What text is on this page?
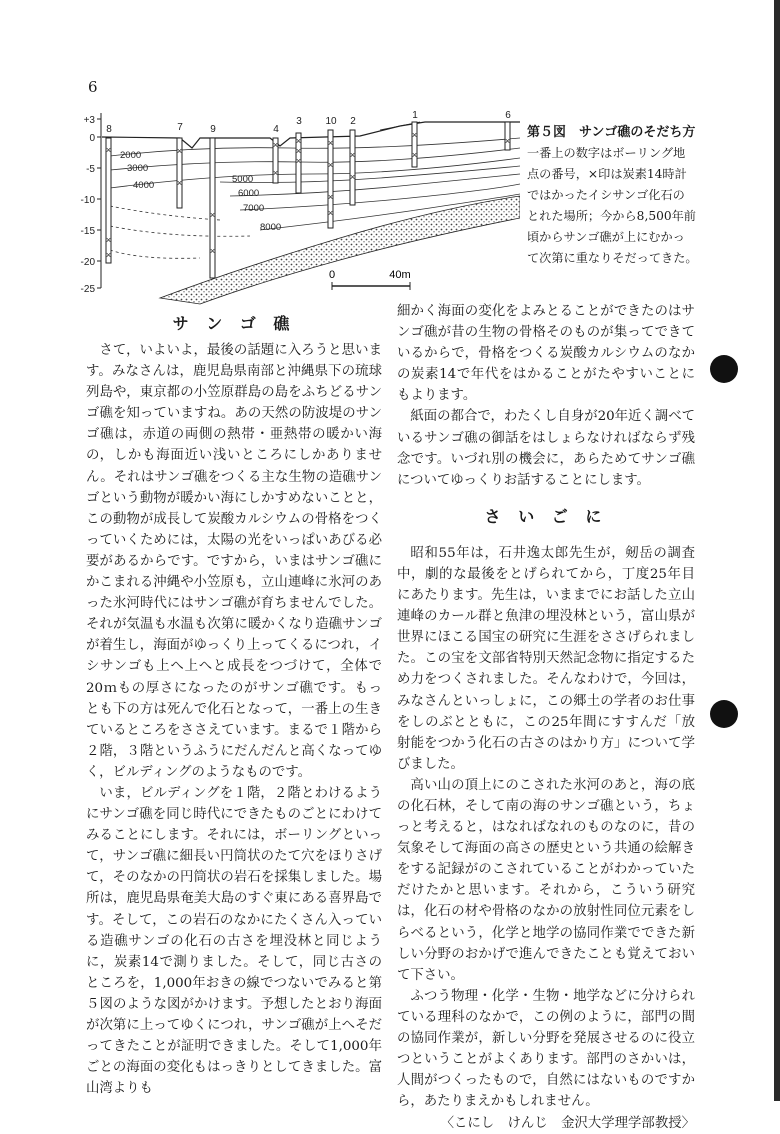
6
+3
0
-5
-10
-15
-20
-25
8	7	9	4
3 10 2
1	6
×
×
×
×
×
×
×
×
×
×
×
×
×
×
×
×
×
×
×
×
×
2000
3000
4000
5000
6000
7000
8000
0	40m
第５図　サンゴ礁のそだち方
一番上の数字はボーリング地
点の番号，×印は炭素14時計
ではかったイシサンゴ化石の
とれた場所；今から8,500年前
頃からサンゴ礁が上にむかっ
て次第に重なりそだってきた。
サ ン ゴ 礁

さて，いよいよ，最後の話題に入ろうと思います。みなさんは，鹿児島県南部と沖縄県下の琉球列島や，東京都の小笠原群島の島をふちどるサンゴ礁を知っていますね。あの天然の防波堤のサンゴ礁は，赤道の両側の熱帯・亜熱帯の暖かい海の，しかも海面近い浅いところにしかありません。それはサンゴ礁をつくる主な生物の造礁サンゴという動物が暖かい海にしかすめないことと，この動物が成長して炭酸カルシウムの骨格をつくっていくためには，太陽の光をいっぱいあびる必要があるからです。ですから，いまはサンゴ礁にかこまれる沖縄や小笠原も，立山連峰に氷河のあった氷河時代にはサンゴ礁が育ちませんでした。それが気温も水温も次第に暖かくなり造礁サンゴが着生し，海面がゆっくり上ってくるにつれ，イシサンゴも上へ上へと成長をつづけて，全体で20ｍもの厚さになったのがサンゴ礁です。もっとも下の方は死んで化石となって，一番上の生きているところをささえています。まるで１階から２階，３階というふうにだんだんと高くなってゆく，ビルディングのようなものです。

いま，ビルディングを１階，２階とわけるようにサンゴ礁を同じ時代にできたものごとにわけてみることにします。それには，ボーリングといって，サンゴ礁に細長い円筒状のたて穴をほりさげて，そのなかの円筒状の岩石を採集しました。場所は，鹿児島県奄美大島のすぐ東にある喜界島です。そして，この岩石のなかにたくさん入っている造礁サンゴの化石の古さを埋没林と同じように，炭素14で測りました。そして，同じ古さのところを，1,000年おきの線でつないでみると第５図のような図がかけます。予想したとおり海面が次第に上ってゆくにつれ，サンゴ礁が上へそだってきたことが証明できました。そして1,000年ごとの海面の変化もはっきりとしてきました。富山湾よりも

細かく海面の変化をよみとることができたのはサンゴ礁が昔の生物の骨格そのものが集ってできているからで，骨格をつくる炭酸カルシウムのなかの炭素14で年代をはかることがたやすいことにもよります。

紙面の都合で，わたくし自身が20年近く調べているサンゴ礁の御話をはしょらなければならず残念です。いづれ別の機会に，あらためてサンゴ礁についてゆっくりお話することにします。

さ い ご に

昭和55年は，石井逸太郎先生が，剱岳の調査中，劇的な最後をとげられてから，丁度25年目にあたります。先生は，いままでにお話した立山連峰のカール群と魚津の埋没林という，富山県が世界にほこる国宝の研究に生涯をささげられました。この宝を文部省特別天然記念物に指定するため力をつくされました。そんなわけで，今回は，みなさんといっしょに，この郷土の学者のお仕事をしのぶとともに，この25年間にすすんだ「放射能をつかう化石の古さのはかり方」について学びました。

高い山の頂上にのこされた氷河のあと，海の底の化石林，そして南の海のサンゴ礁という，ちょっと考えると，はなればなれのものなのに，昔の気象そして海面の高さの歴史という共通の絵解きをする記録がのこされていることがわかっていただけたかと思います。それから，こういう研究は，化石の材や骨格のなかの放射性同位元素をしらべるという，化学と地学の協同作業でできた新しい分野のおかげで進んできたことも覚えておいて下さい。

ふつう物理・化学・生物・地学などに分けられている理科のなかで，この例のように，部門の間の協同作業が，新しい分野を発展させるのに役立つということがよくあります。部門のさかいは，人間がつくったもので，自然にはないものですから，あたりまえかもしれません。

〈こにし　けんじ　金沢大学理学部教授〉
